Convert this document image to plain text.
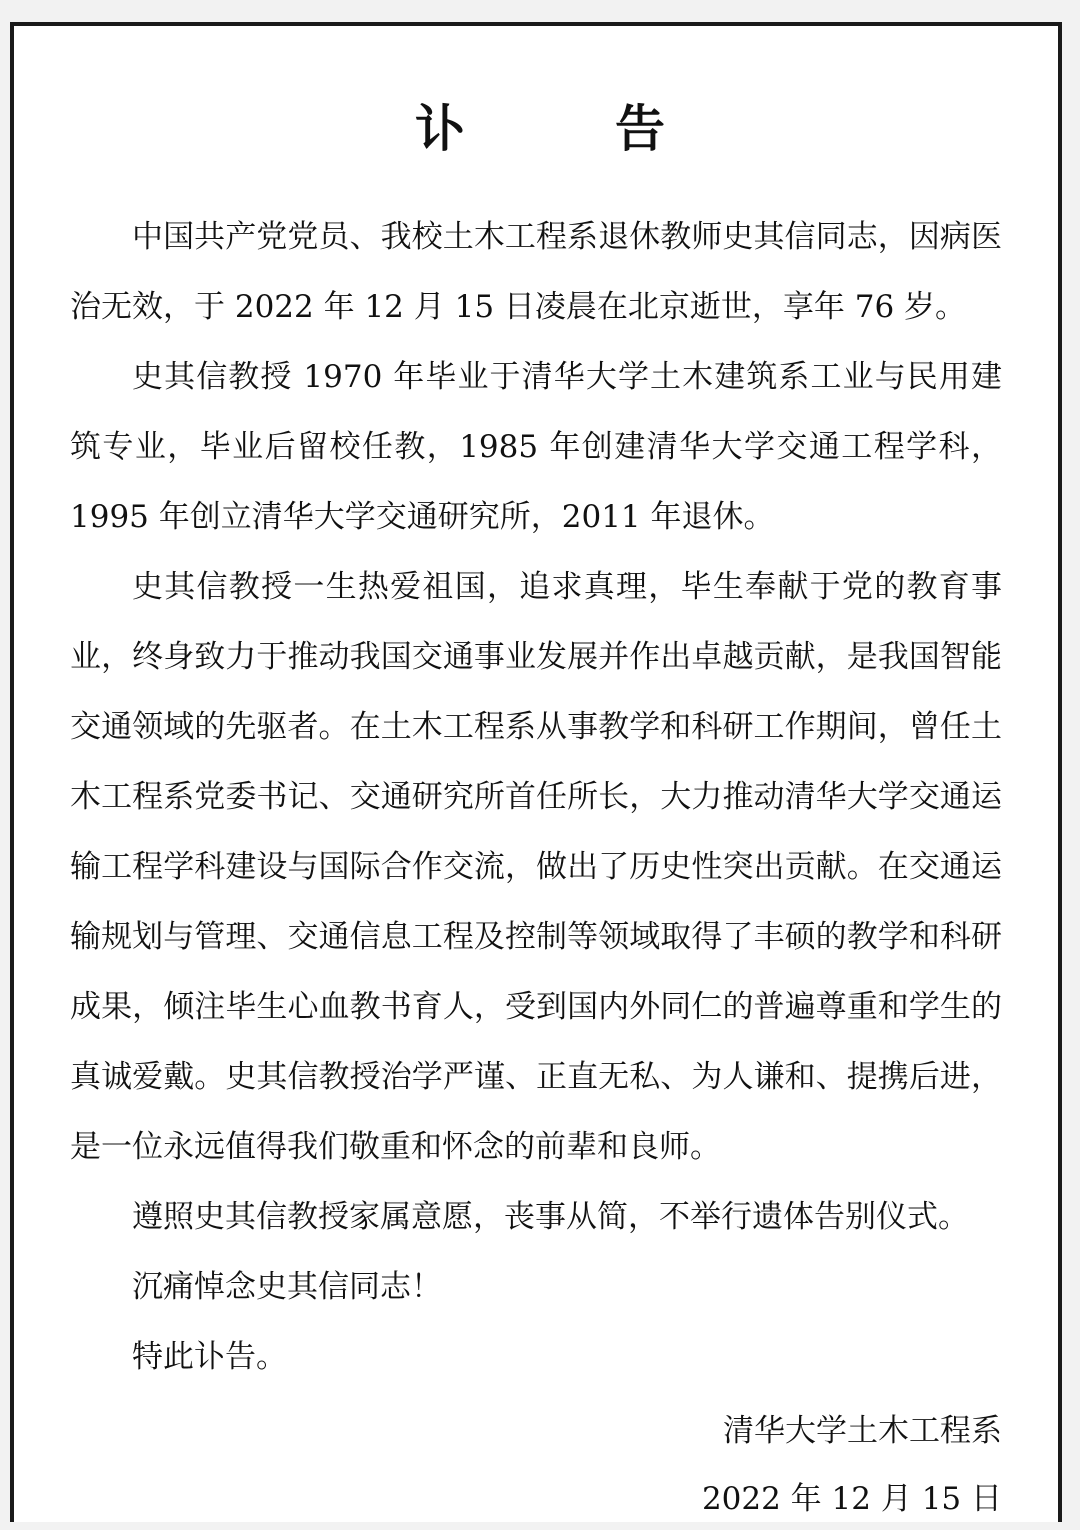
讣　告

中国共产党党员、我校土木工程系退休教师史其信同志，因病医治无效，于 2022 年 12 月 15 日凌晨在北京逝世，享年 76 岁。

史其信教授 1970 年毕业于清华大学土木建筑系工业与民用建筑专业，毕业后留校任教，1985 年创建清华大学交通工程学科，1995 年创立清华大学交通研究所，2011 年退休。

史其信教授一生热爱祖国，追求真理，毕生奉献于党的教育事业，终身致力于推动我国交通事业发展并作出卓越贡献，是我国智能交通领域的先驱者。在土木工程系从事教学和科研工作期间，曾任土木工程系党委书记、交通研究所首任所长，大力推动清华大学交通运输工程学科建设与国际合作交流，做出了历史性突出贡献。在交通运输规划与管理、交通信息工程及控制等领域取得了丰硕的教学和科研成果，倾注毕生心血教书育人，受到国内外同仁的普遍尊重和学生的真诚爱戴。史其信教授治学严谨、正直无私、为人谦和、提携后进，是一位永远值得我们敬重和怀念的前辈和良师。

遵照史其信教授家属意愿，丧事从简，不举行遗体告别仪式。

沉痛悼念史其信同志！

特此讣告。

清华大学土木工程系
2022 年 12 月 15 日
